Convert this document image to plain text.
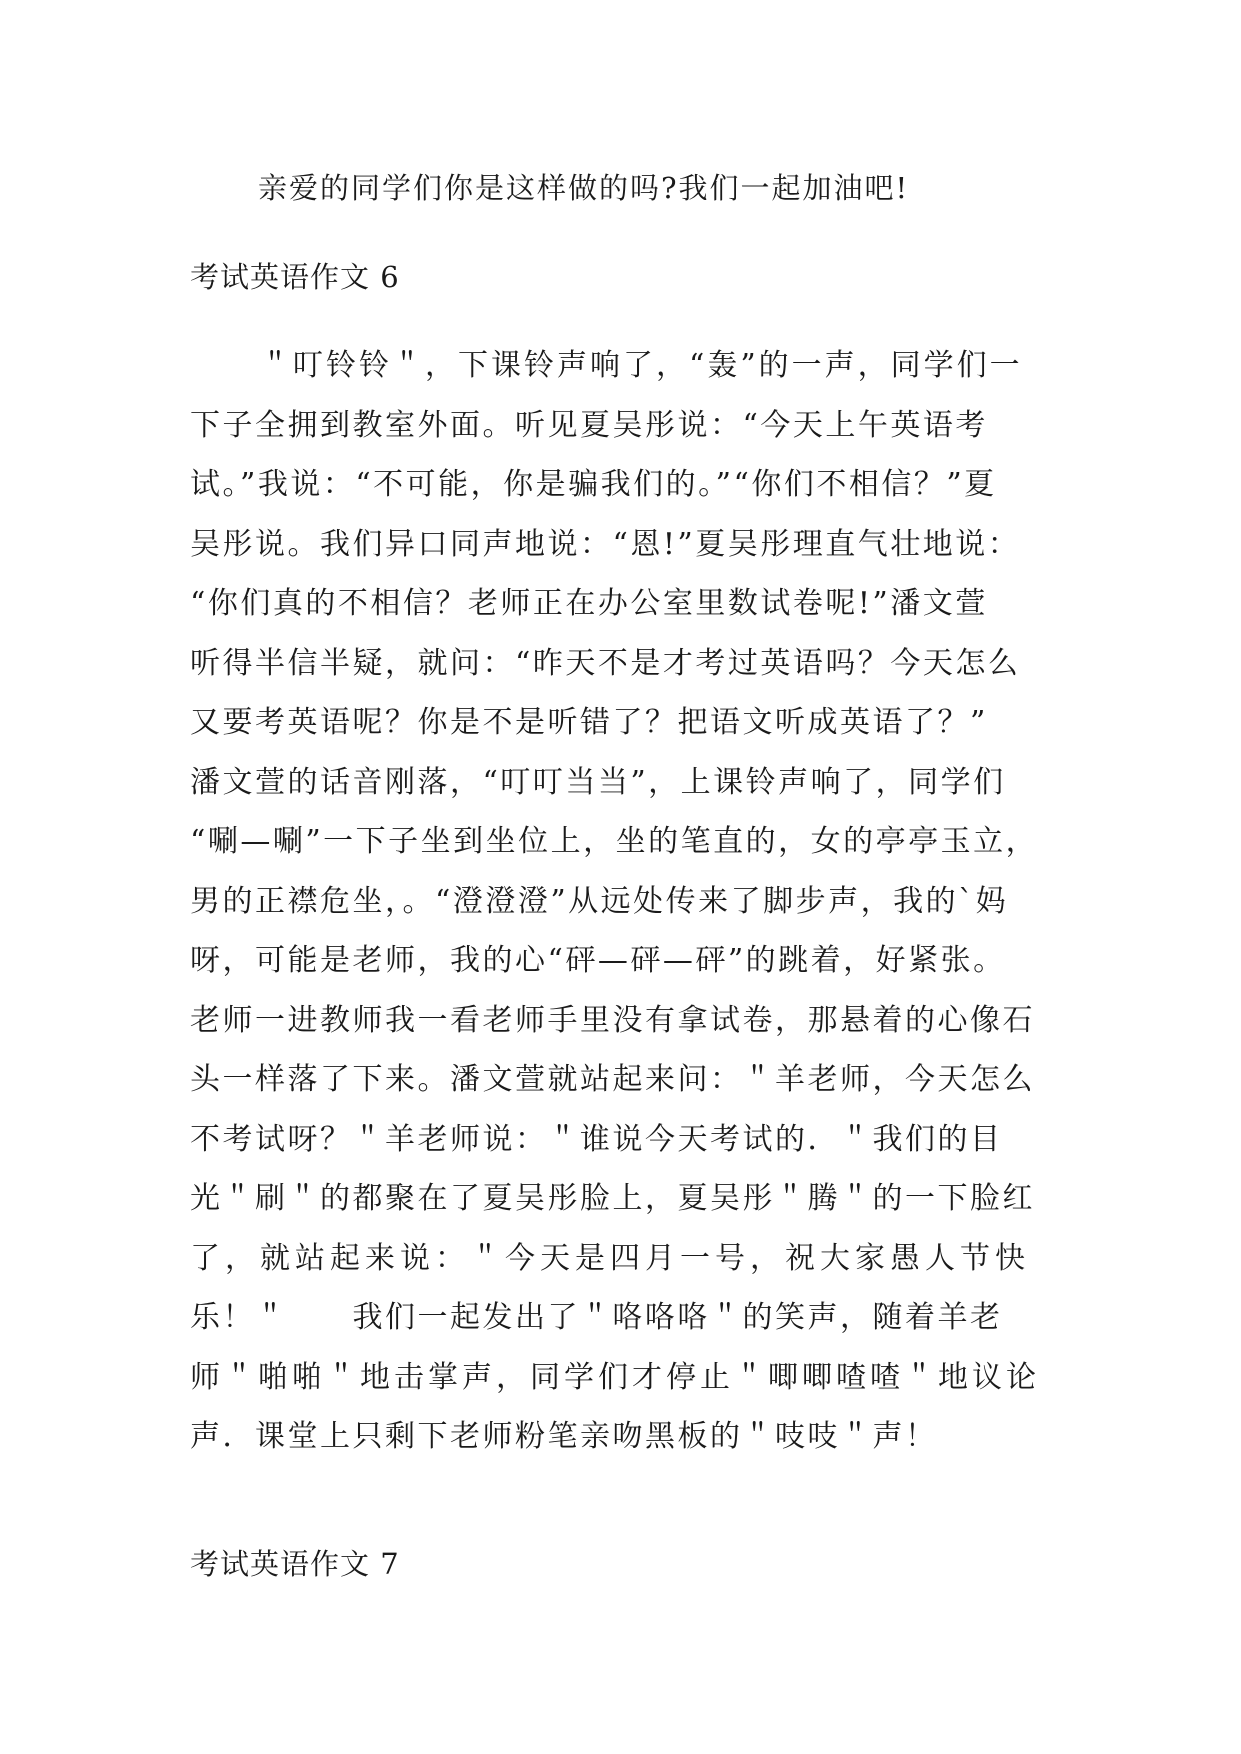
亲爱的同学们你是这样做的吗?我们一起加油吧!
考试英语作文 6
＂叮铃铃＂，下课铃声响了，“轰”的一声，同学们一
下子全拥到教室外面。听见夏吴彤说：“今天上午英语考
试。”我说：“不可能，你是骗我们的。”“你们不相信？”夏
吴彤说。我们异口同声地说：“恩!”夏吴彤理直气壮地说：
“你们真的不相信？老师正在办公室里数试卷呢!”潘文萱
听得半信半疑，就问：“昨天不是才考过英语吗？今天怎么
又要考英语呢？你是不是听错了？把语文听成英语了？”
潘文萱的话音刚落，“叮叮当当”，上课铃声响了，同学们
“唰—唰”一下子坐到坐位上，坐的笔直的，女的亭亭玉立，
男的正襟危坐，。“澄澄澄”从远处传来了脚步声，我的`妈
呀，可能是老师，我的心“砰—砰—砰”的跳着，好紧张。
老师一进教师我一看老师手里没有拿试卷，那悬着的心像石
头一样落了下来。潘文萱就站起来问：＂羊老师，今天怎么
不考试呀？＂羊老师说：＂谁说今天考试的．＂我们的目
光＂刷＂的都聚在了夏吴彤脸上，夏吴彤＂腾＂的一下脸红
了，就站起来说：＂今天是四月一号，祝大家愚人节快
乐！＂　　我们一起发出了＂咯咯咯＂的笑声，随着羊老
师＂啪啪＂地击掌声，同学们才停止＂唧唧喳喳＂地议论
声．课堂上只剩下老师粉笔亲吻黑板的＂吱吱＂声！
考试英语作文 7
